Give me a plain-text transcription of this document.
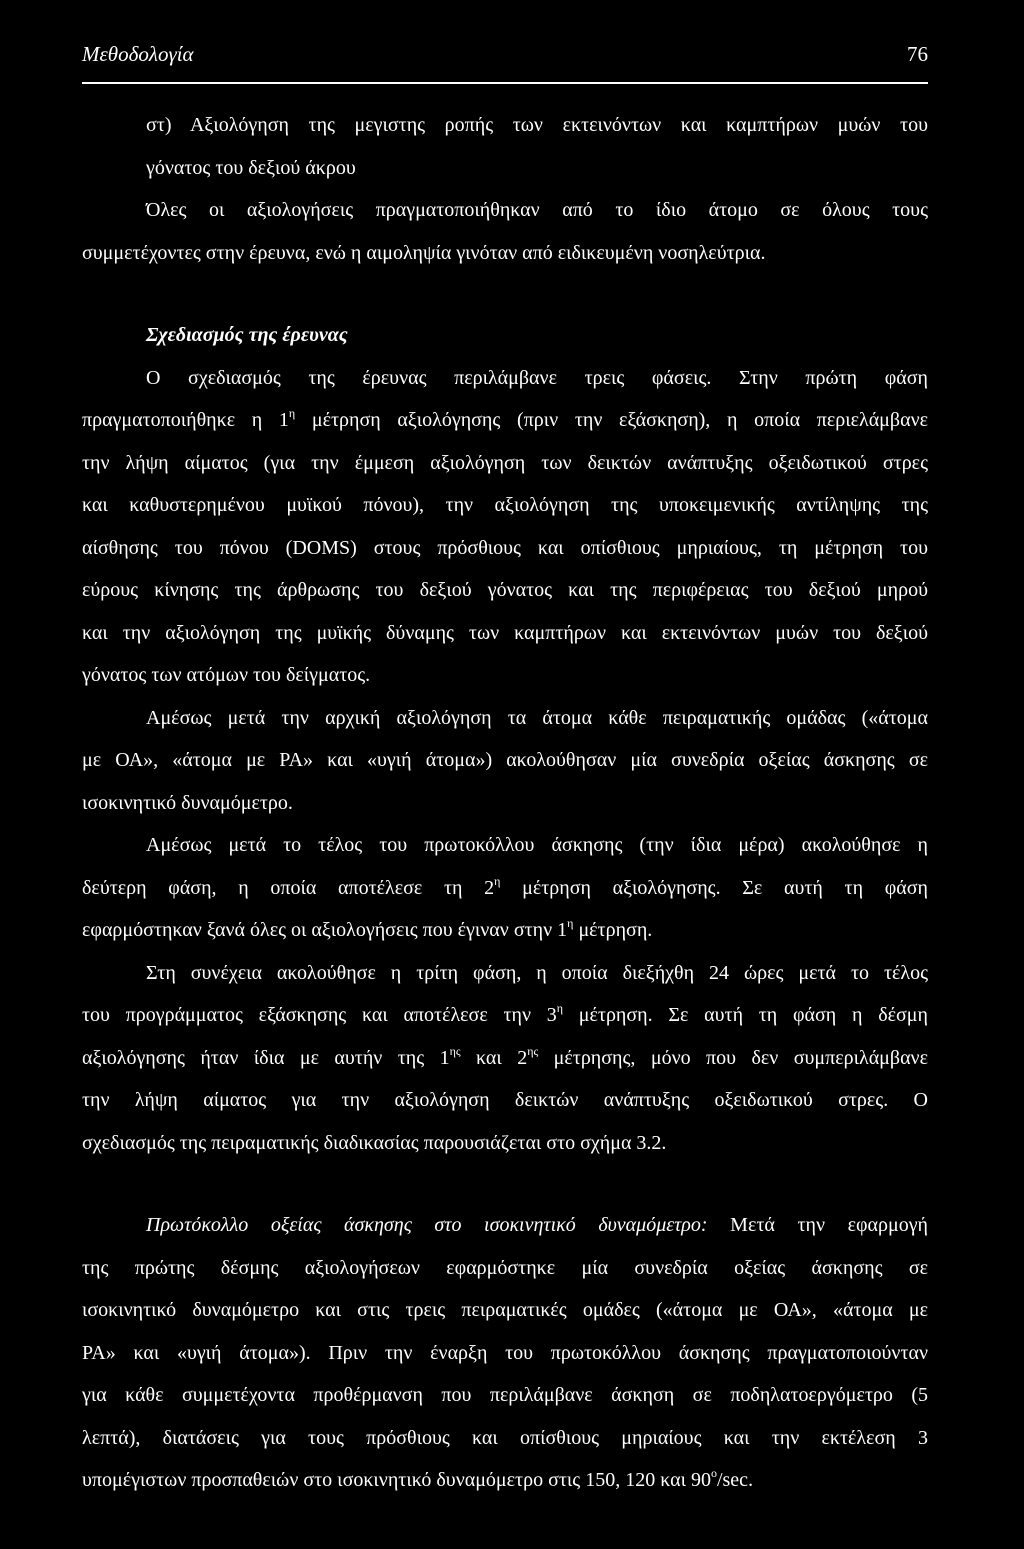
Μεθοδολογία	76
στ) Αξιολόγηση της μεγιστης ροπής των εκτεινόντων και καμπτήρων μυών του
γόνατος του δεξιού άκρου
Όλες οι αξιολογήσεις πραγματοποιήθηκαν από το ίδιο άτομο σε όλους τους
συμμετέχοντες στην έρευνα, ενώ η αιμοληψία γινόταν από ειδικευμένη νοσηλεύτρια.
Σχεδιασμός της έρευνας
Ο σχεδιασμός της έρευνας περιλάμβανε τρεις φάσεις. Στην πρώτη φάση
πραγματοποιήθηκε η $1^\eta$ μέτρηση αξιολόγησης (πριν την εξάσκηση), η οποία περιελάμβανε
την λήψη αίματος (για την έμμεση αξιολόγηση των δεικτών ανάπτυξης οξειδωτικού στρες
και καθυστερημένου μυϊκού πόνου), την αξιολόγηση της υποκειμενικής αντίληψης της
αίσθησης του πόνου (DOMS) στους πρόσθιους και οπίσθιους μηριαίους, τη μέτρηση του
εύρους κίνησης της άρθρωσης του δεξιού γόνατος και της περιφέρειας του δεξιού μηρού
και την αξιολόγηση της μυϊκής δύναμης των καμπτήρων και εκτεινόντων μυών του δεξιού
γόνατος των ατόμων του δείγματος.
Αμέσως μετά την αρχική αξιολόγηση τα άτομα κάθε πειραματικής ομάδας («άτομα
με ΟΑ», «άτομα με ΡΑ» και «υγιή άτομα») ακολούθησαν μία συνεδρία οξείας άσκησης σε
ισοκινητικό δυναμόμετρο.
Αμέσως μετά το τέλος του πρωτοκόλλου άσκησης (την ίδια μέρα) ακολούθησε η
δεύτερη φάση, η οποία αποτέλεσε τη $2^\eta$ μέτρηση αξιολόγησης. Σε αυτή τη φάση
εφαρμόστηκαν ξανά όλες οι αξιολογήσεις που έγιναν στην $1^\eta$ μέτρηση.
Στη συνέχεια ακολούθησε η τρίτη φάση, η οποία διεξήχθη 24 ώρες μετά το τέλος
του προγράμματος εξάσκησης και αποτέλεσε την $3^\eta$ μέτρηση. Σε αυτή τη φάση η δέσμη
αξιολόγησης ήταν ίδια με αυτήν της $1^{\eta\varsigma}$ και $2^{\eta\varsigma}$ μέτρησης, μόνο που δεν συμπεριλάμβανε
την λήψη αίματος για την αξιολόγηση δεικτών ανάπτυξης οξειδωτικού στρες. Ο
σχεδιασμός της πειραματικής διαδικασίας παρουσιάζεται στο σχήμα 3.2.
Πρωτόκολλο οξείας άσκησης στο ισοκινητικό δυναμόμετρο: Μετά την εφαρμογή
της πρώτης δέσμης αξιολογήσεων εφαρμόστηκε μία συνεδρία οξείας άσκησης σε
ισοκινητικό δυναμόμετρο και στις τρεις πειραματικές ομάδες («άτομα με ΟΑ», «άτομα με
ΡΑ» και «υγιή άτομα»). Πριν την έναρξη του πρωτοκόλλου άσκησης πραγματοποιούνταν
για κάθε συμμετέχοντα προθέρμανση που περιλάμβανε άσκηση σε ποδηλατοεργόμετρο (5
λεπτά), διατάσεις για τους πρόσθιους και οπίσθιους μηριαίους και την εκτέλεση 3
υπομέγιστων προσπαθειών στο ισοκινητικό δυναμόμετρο στις 150, 120 και $90^o/\sec$.
